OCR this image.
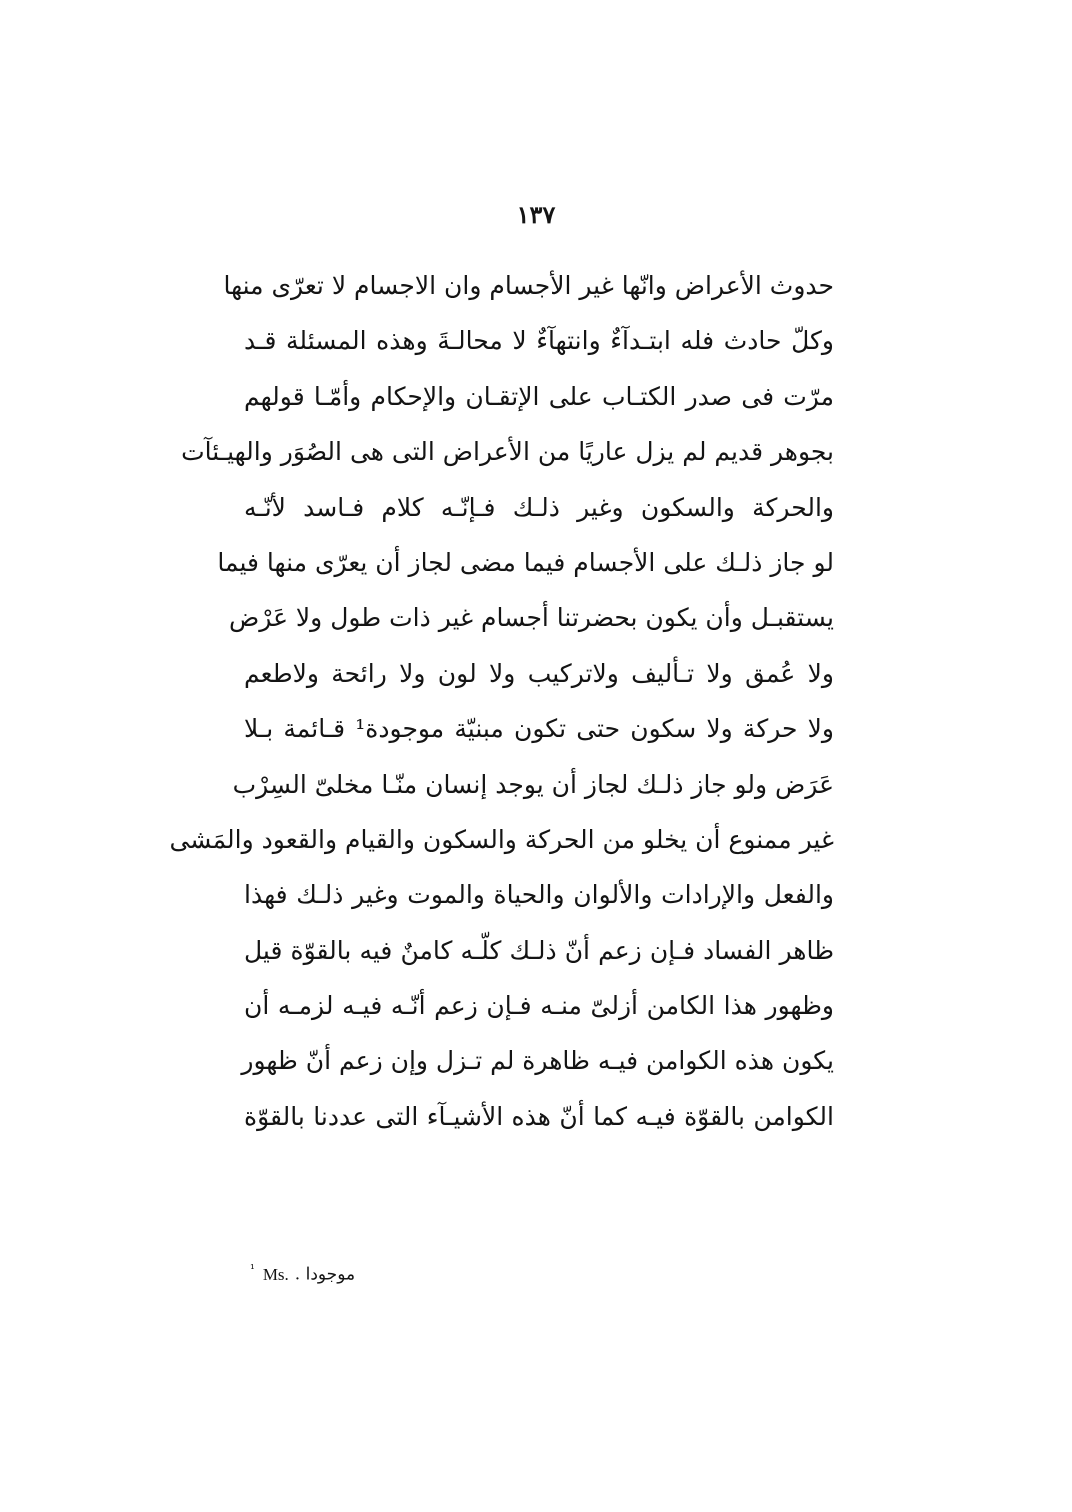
١٣٧
حدوث الأعراض وانّها غير الأجسام وان الاجسام لا تعرّى منها
وكلّ حادث فله ابتـدآءٌ وانتهآءٌ لا محالـةَ وهذه المسئلة قـد
مرّت فى صدر الكتـاب على الإتقـان والإحكام وأمّـا قولهم
بجوهر قديم لم يزل عاريًا من الأعراض التى هى الصُوَر والهيـئآت
والحركة والسكون وغير ذلـك فـإنّـه كلام فـاسد لأنّـه
لو جاز ذلـك على الأجسام فيما مضى لجاز أن يعرّى منها فيما
يستقبـل وأن يكون بحضرتنا أجسام غير ذات طول ولا عَرْض
ولا عُمق ولا تـأليف ولاتركيب ولا لون ولا رائحة ولاطعم
ولا حركة ولا سكون حتى تكون مبنيّة موجودة¹ قـائمة بـلا
عَرَض ولو جاز ذلـك لجاز أن يوجد إنسان منّـا مخلىّ السِرْب
غير ممنوع أن يخلو من الحركة والسكون والقيام والقعود والمَشى
والفعل والإرادات والألوان والحياة والموت وغير ذلـك فهذا
ظاهر الفساد فـإن زعم أنّ ذلـك كلّـه كامنٌ فيه بالقوّة قيل
وظهور هذا الكامن أزلىّ منـه فـإن زعم أنّـه فيـه لزمـه أن
يكون هذه الكوامن فيـه ظاهرة لم تـزل وإن زعم أنّ ظهور
الكوامن بالقوّة فيـه كما أنّ هذه الأشيـآء التى عددنا بالقوّة
$^{^1}$ Ms. موجودا .
